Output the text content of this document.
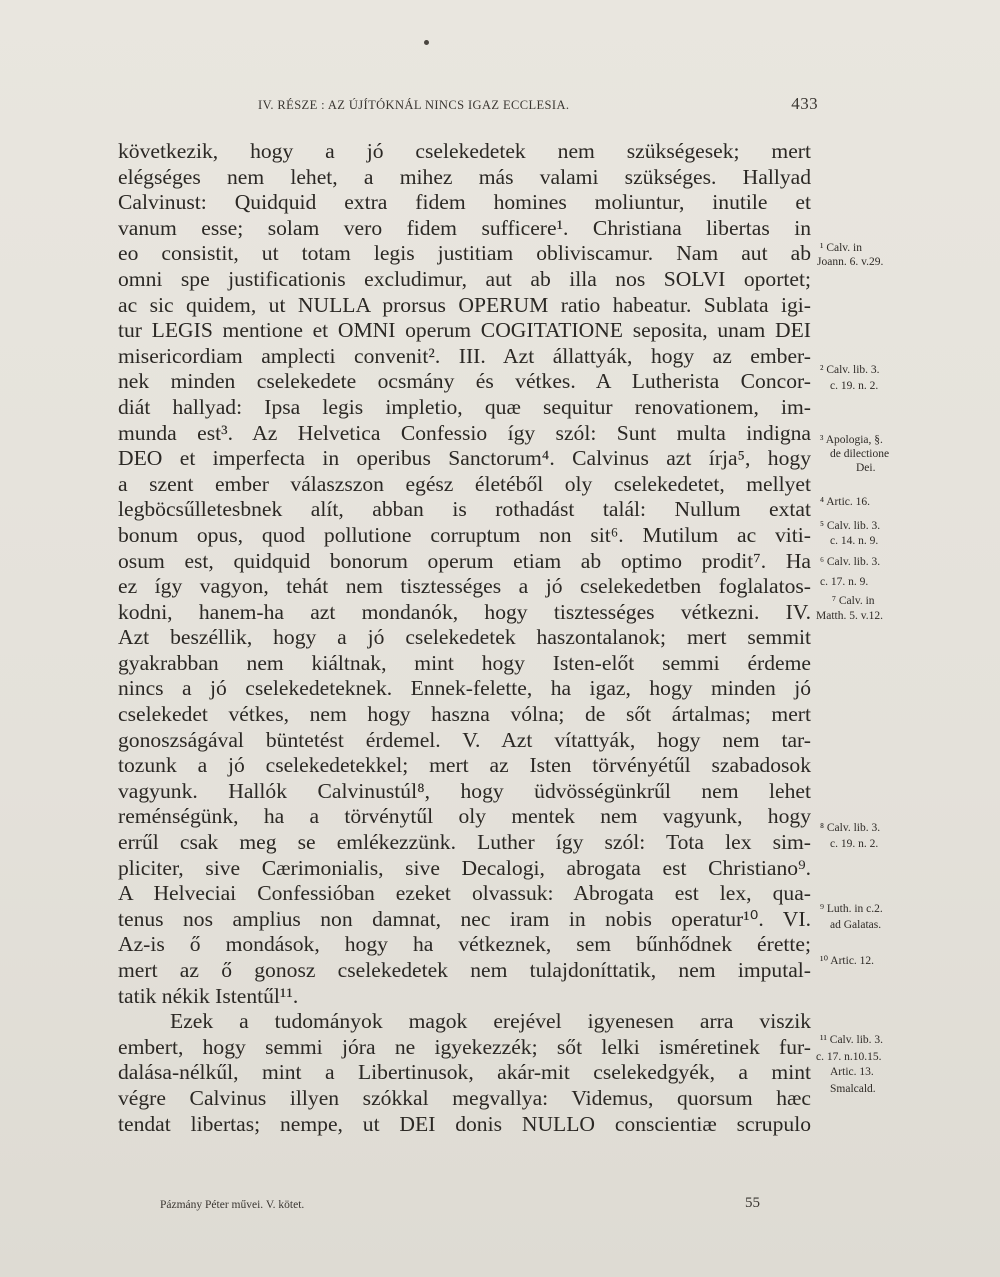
IV. RÉSZE : AZ ÚJÍTÓKNÁL NINCS IGAZ ECCLESIA.	433
következik, hogy a jó cselekedetek nem szükségesek; mert
elégséges nem lehet, a mihez más valami szükséges. Hallyad
Calvinust: Quidquid extra fidem homines moliuntur, inutile et
vanum esse; solam vero fidem sufficere¹. Christiana libertas in
eo consistit, ut totam legis justitiam obliviscamur. Nam aut ab
omni spe justificationis excludimur, aut ab illa nos SOLVI oportet;
ac sic quidem, ut NULLA prorsus OPERUM ratio habeatur. Sublata igi-
tur LEGIS mentione et OMNI operum COGITATIONE seposita, unam DEI
misericordiam amplecti convenit². III. Azt állattyák, hogy az ember-
nek minden cselekedete ocsmány és vétkes. A Lutherista Concor-
diát hallyad: Ipsa legis impletio, quæ sequitur renovationem, im-
munda est³. Az Helvetica Confessio így szól: Sunt multa indigna
DEO et imperfecta in operibus Sanctorum⁴. Calvinus azt írja⁵, hogy
a szent ember válaszszon egész életéből oly cselekedetet, mellyet
legböcsűlletesbnek alít, abban is rothadást talál: Nullum extat
bonum opus, quod pollutione corruptum non sit⁶. Mutilum ac viti-
osum est, quidquid bonorum operum etiam ab optimo prodit⁷. Ha
ez így vagyon, tehát nem tisztességes a jó cselekedetben foglalatos-
kodni, hanem-ha azt mondanók, hogy tisztességes vétkezni. IV.
Azt beszéllik, hogy a jó cselekedetek haszontalanok; mert semmit
gyakrabban nem kiáltnak, mint hogy Isten-előt semmi érdeme
nincs a jó cselekedeteknek. Ennek-felette, ha igaz, hogy minden jó
cselekedet vétkes, nem hogy haszna vólna; de sőt ártalmas; mert
gonoszságával büntetést érdemel. V. Azt vítattyák, hogy nem tar-
tozunk a jó cselekedetekkel; mert az Isten törvényétűl szabadosok
vagyunk. Hallók Calvinustúl⁸, hogy üdvösségünkrűl nem lehet
reménségünk, ha a törvénytűl oly mentek nem vagyunk, hogy
errűl csak meg se emlékezzünk. Luther így szól: Tota lex sim-
pliciter, sive Cærimonialis, sive Decalogi, abrogata est Christiano⁹.
A Helveciai Confessióban ezeket olvassuk: Abrogata est lex, qua-
tenus nos amplius non damnat, nec iram in nobis operatur¹⁰. VI.
Az-is ő mondások, hogy ha vétkeznek, sem bűnhődnek érette;
mert az ő gonosz cselekedetek nem tulajdoníttatik, nem imputal-
tatik nékik Istentűl¹¹.
Ezek a tudományok magok erejével igyenesen arra viszik
embert, hogy semmi jóra ne igyekezzék; sőt lelki isméretinek fur-
dalása-nélkűl, mint a Libertinusok, akár-mit cselekedgyék, a mint
végre Calvinus illyen szókkal megvallya: Videmus, quorsum hæc
tendat libertas; nempe, ut DEI donis NULLO conscientiæ scrupulo
¹ Calv. in
Joann. 6. v.29.
² Calv. lib. 3.
c. 19. n. 2.
³ Apologia, §.
de dilectione
Dei.
⁴ Artic. 16.
⁵ Calv. lib. 3.
c. 14. n. 9.
⁶ Calv. lib. 3.
c. 17. n. 9.
⁷ Calv. in
Matth. 5. v.12.
⁸ Calv. lib. 3.
c. 19. n. 2.
⁹ Luth. in c.2.
ad Galatas.
¹⁰ Artic. 12.
¹¹ Calv. lib. 3.
c. 17. n.10.15.
Artic. 13.
Smalcald.
Pázmány Péter művei. V. kötet.	55
